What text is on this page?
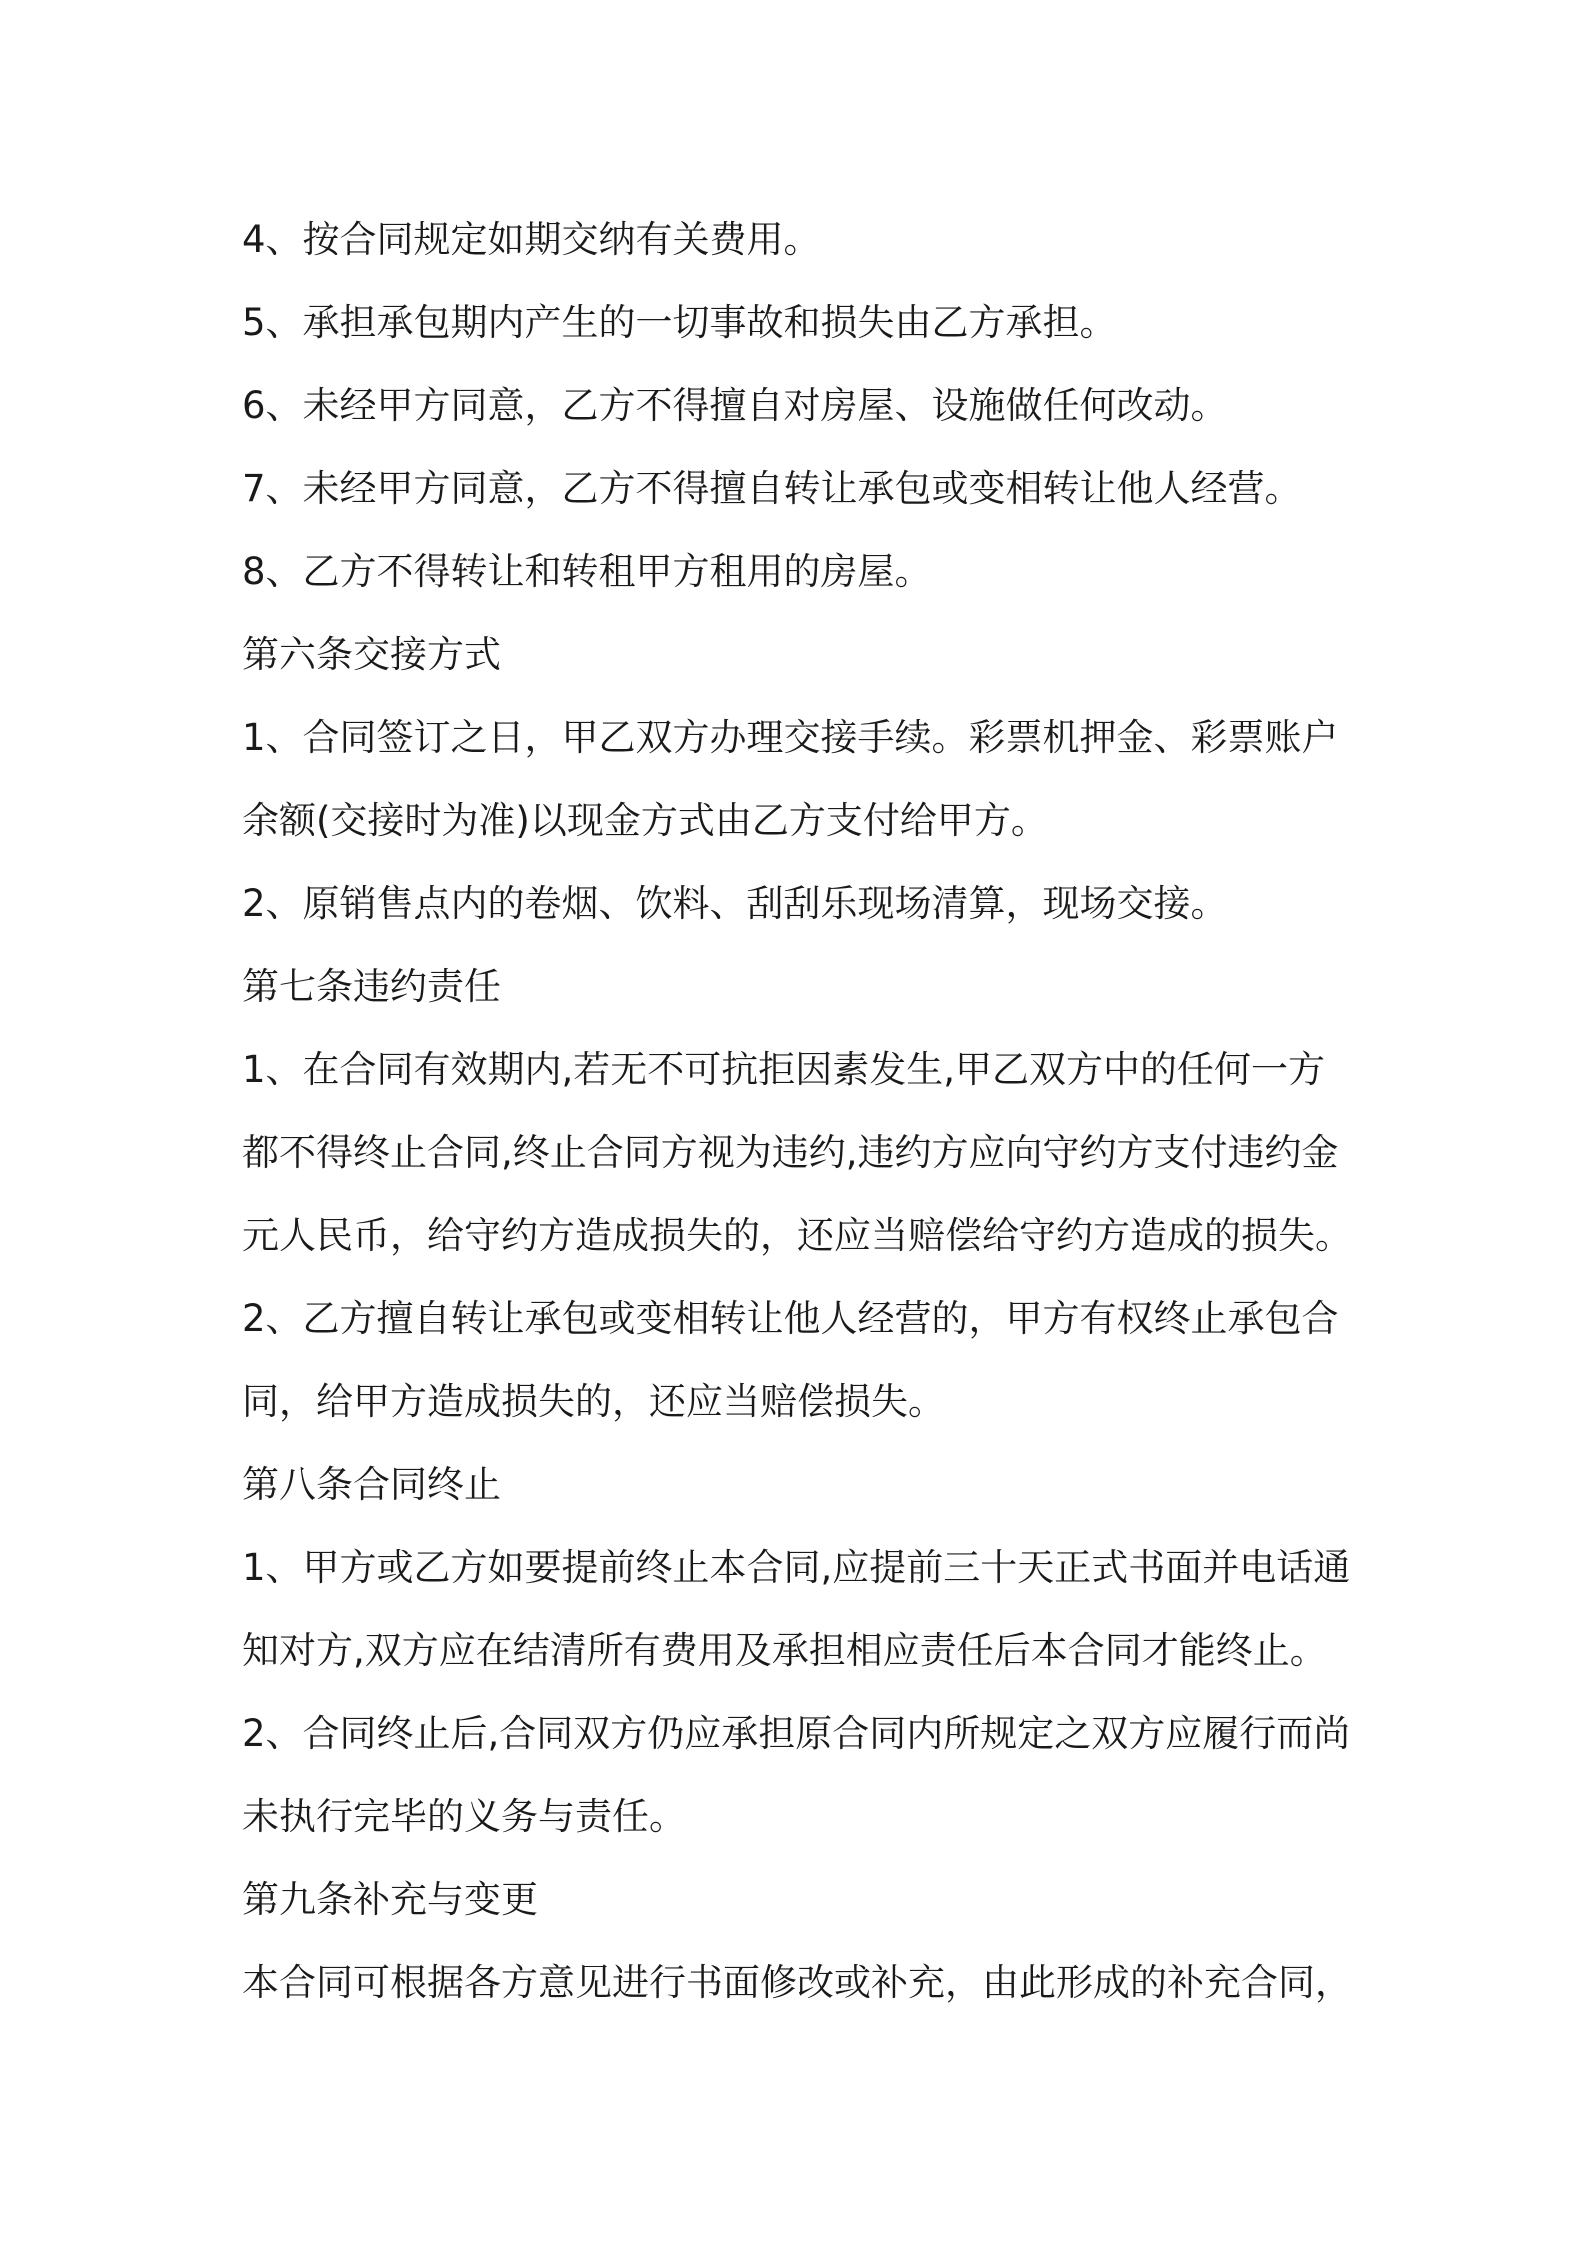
4、按合同规定如期交纳有关费用。
5、承担承包期内产生的一切事故和损失由乙方承担。
6、未经甲方同意，乙方不得擅自对房屋、设施做任何改动。
7、未经甲方同意，乙方不得擅自转让承包或变相转让他人经营。
8、乙方不得转让和转租甲方租用的房屋。
第六条交接方式
1、合同签订之日，甲乙双方办理交接手续。彩票机押金、彩票账户
余额(交接时为准)以现金方式由乙方支付给甲方。
2、原销售点内的卷烟、饮料、刮刮乐现场清算，现场交接。
第七条违约责任
1、在合同有效期内,若无不可抗拒因素发生,甲乙双方中的任何一方
都不得终止合同,终止合同方视为违约,违约方应向守约方支付违约金
元人民币，给守约方造成损失的，还应当赔偿给守约方造成的损失。
2、乙方擅自转让承包或变相转让他人经营的，甲方有权终止承包合
同，给甲方造成损失的，还应当赔偿损失。
第八条合同终止
1、甲方或乙方如要提前终止本合同,应提前三十天正式书面并电话通
知对方,双方应在结清所有费用及承担相应责任后本合同才能终止。
2、合同终止后,合同双方仍应承担原合同内所规定之双方应履行而尚
未执行完毕的义务与责任。
第九条补充与变更
本合同可根据各方意见进行书面修改或补充，由此形成的补充合同，
